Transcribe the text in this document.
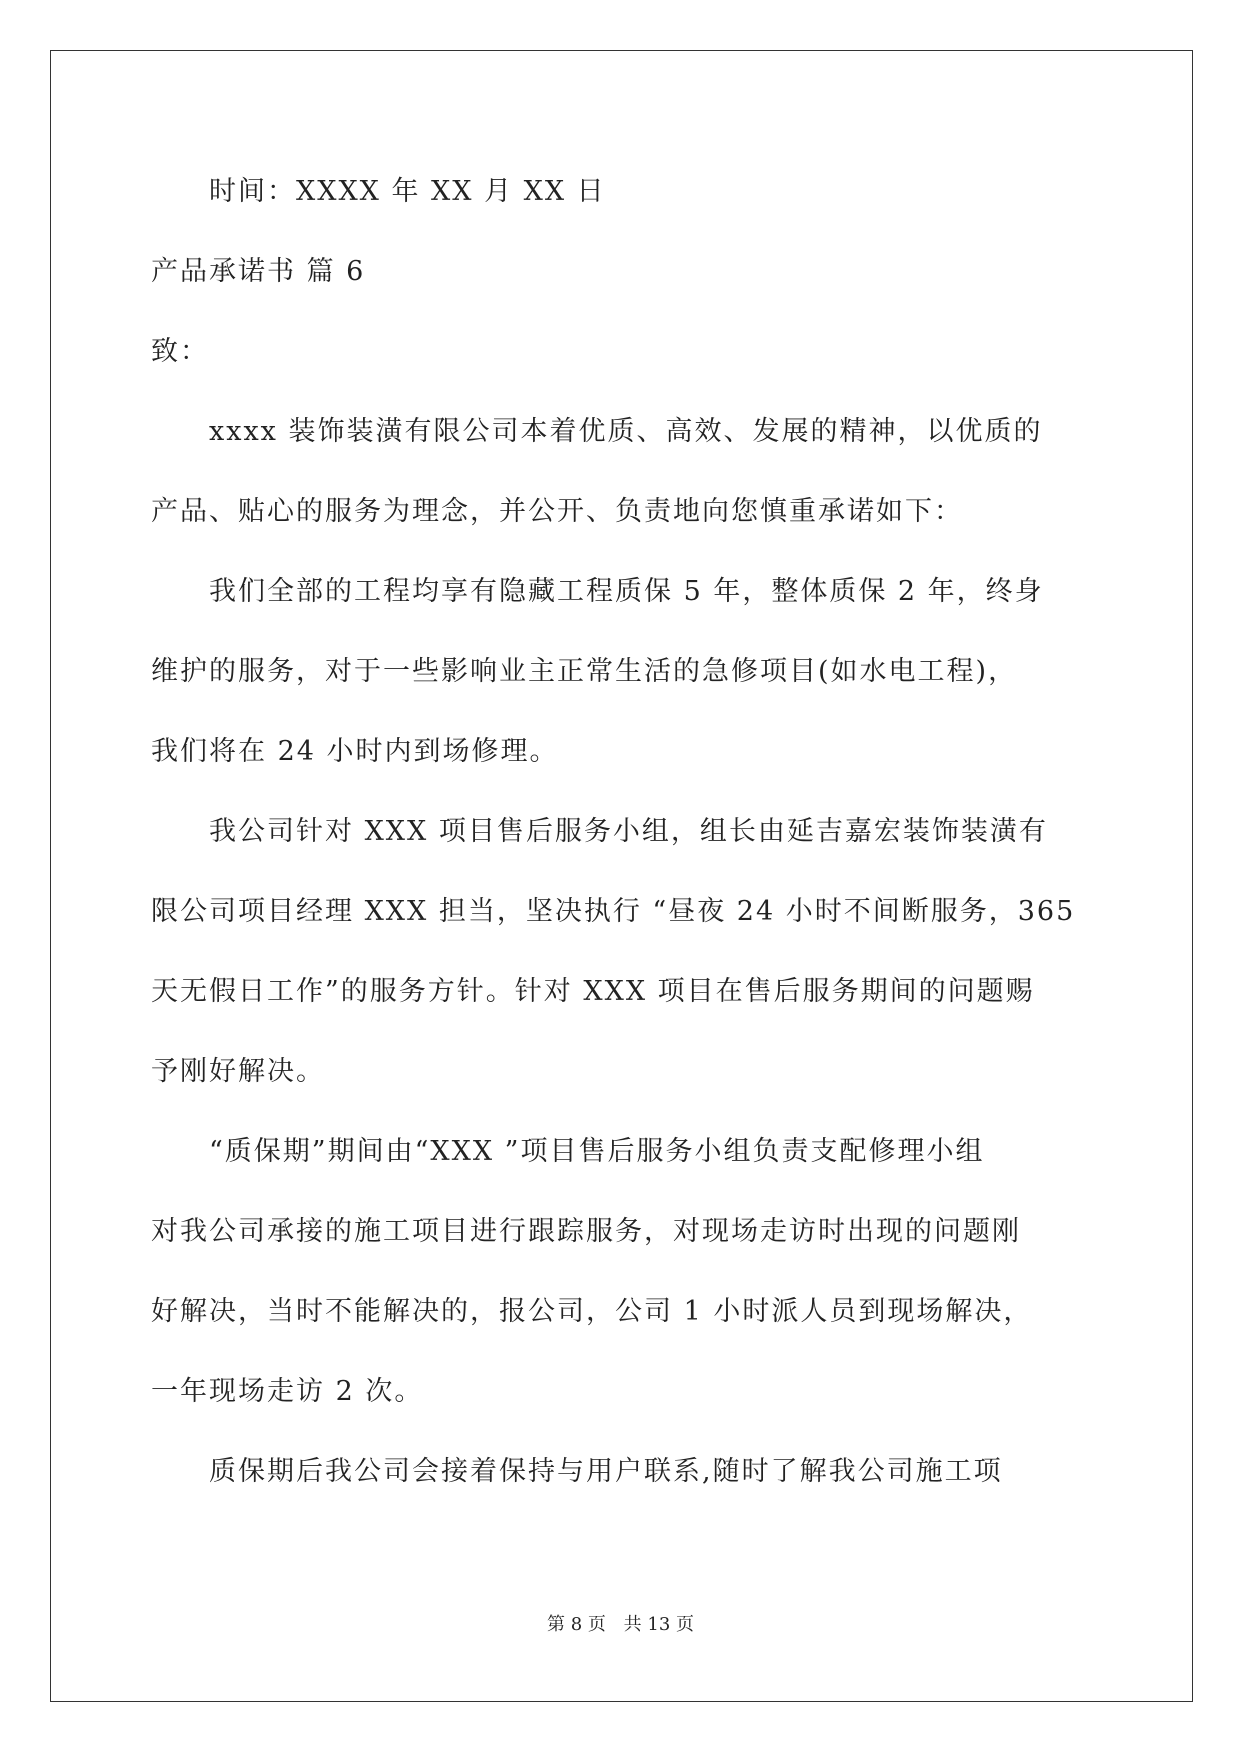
　　时间：XXXX 年 XX 月 XX 日
产品承诺书 篇 6
致：
　　xxxx 装饰装潢有限公司本着优质、高效、发展的精神，以优质的
产品、贴心的服务为理念，并公开、负责地向您慎重承诺如下：
　　我们全部的工程均享有隐藏工程质保 5 年，整体质保 2 年，终身
维护的服务，对于一些影响业主正常生活的急修项目(如水电工程)，
我们将在 24 小时内到场修理。
　　我公司针对 XXX 项目售后服务小组，组长由延吉嘉宏装饰装潢有
限公司项目经理 XXX 担当，坚决执行 “昼夜 24 小时不间断服务，365
天无假日工作”的服务方针。针对 XXX 项目在售后服务期间的问题赐
予刚好解决。
　　“质保期”期间由“XXX ”项目售后服务小组负责支配修理小组
对我公司承接的施工项目进行跟踪服务，对现场走访时出现的问题刚
好解决，当时不能解决的，报公司，公司 1 小时派人员到现场解决，
一年现场走访 2 次。
　　质保期后我公司会接着保持与用户联系,随时了解我公司施工项
第 8 页 共 13 页
